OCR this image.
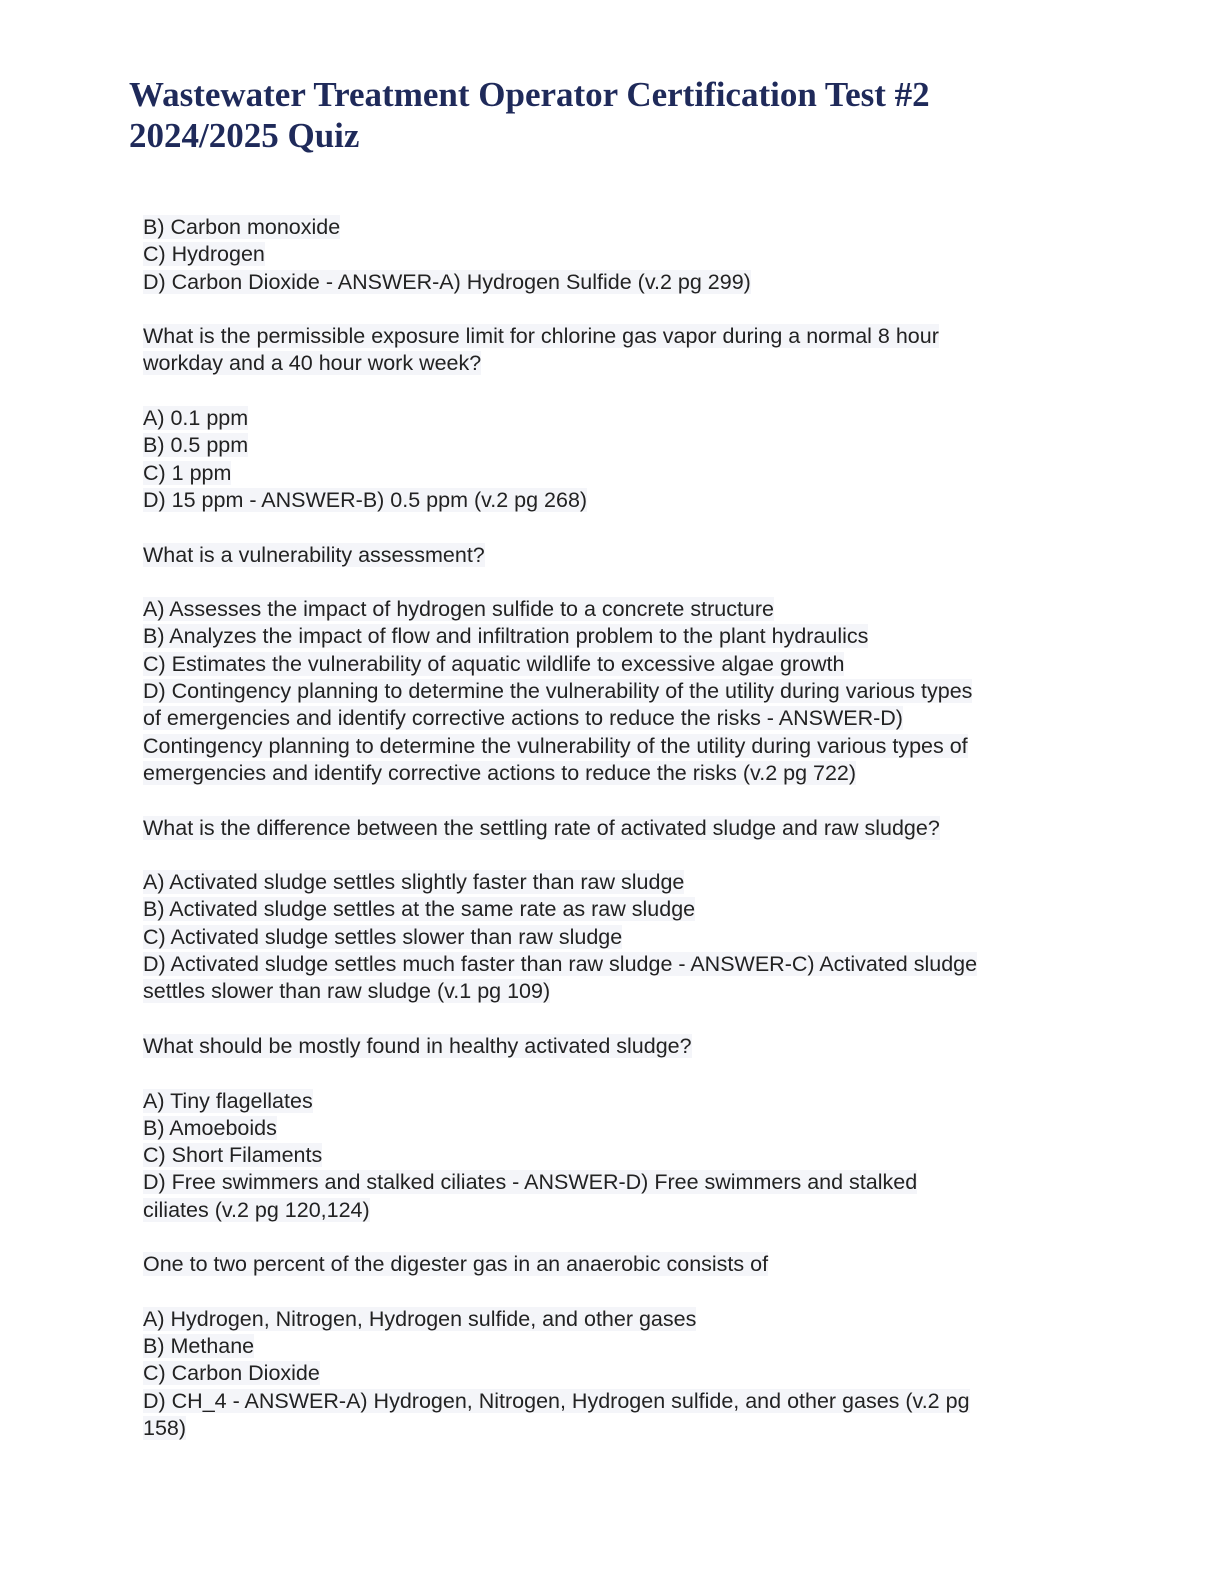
Wastewater Treatment Operator Certification Test #2
2024/2025 Quiz
B) Carbon monoxide
C) Hydrogen
D) Carbon Dioxide - ANSWER-A) Hydrogen Sulfide (v.2 pg 299)
What is the permissible exposure limit for chlorine gas vapor during a normal 8 hour
workday and a 40 hour work week?
A) 0.1 ppm
B) 0.5 ppm
C) 1 ppm
D) 15 ppm - ANSWER-B) 0.5 ppm (v.2 pg 268)
What is a vulnerability assessment?
A) Assesses the impact of hydrogen sulfide to a concrete structure
B) Analyzes the impact of flow and infiltration problem to the plant hydraulics
C) Estimates the vulnerability of aquatic wildlife to excessive algae growth
D) Contingency planning to determine the vulnerability of the utility during various types
of emergencies and identify corrective actions to reduce the risks - ANSWER-D)
Contingency planning to determine the vulnerability of the utility during various types of
emergencies and identify corrective actions to reduce the risks (v.2 pg 722)
What is the difference between the settling rate of activated sludge and raw sludge?
A) Activated sludge settles slightly faster than raw sludge
B) Activated sludge settles at the same rate as raw sludge
C) Activated sludge settles slower than raw sludge
D) Activated sludge settles much faster than raw sludge - ANSWER-C) Activated sludge
settles slower than raw sludge (v.1 pg 109)
What should be mostly found in healthy activated sludge?
A) Tiny flagellates
B) Amoeboids
C) Short Filaments
D) Free swimmers and stalked ciliates - ANSWER-D) Free swimmers and stalked
ciliates (v.2 pg 120,124)
One to two percent of the digester gas in an anaerobic consists of
A) Hydrogen, Nitrogen, Hydrogen sulfide, and other gases
B) Methane
C) Carbon Dioxide
D) CH_4 - ANSWER-A) Hydrogen, Nitrogen, Hydrogen sulfide, and other gases (v.2 pg
158)
